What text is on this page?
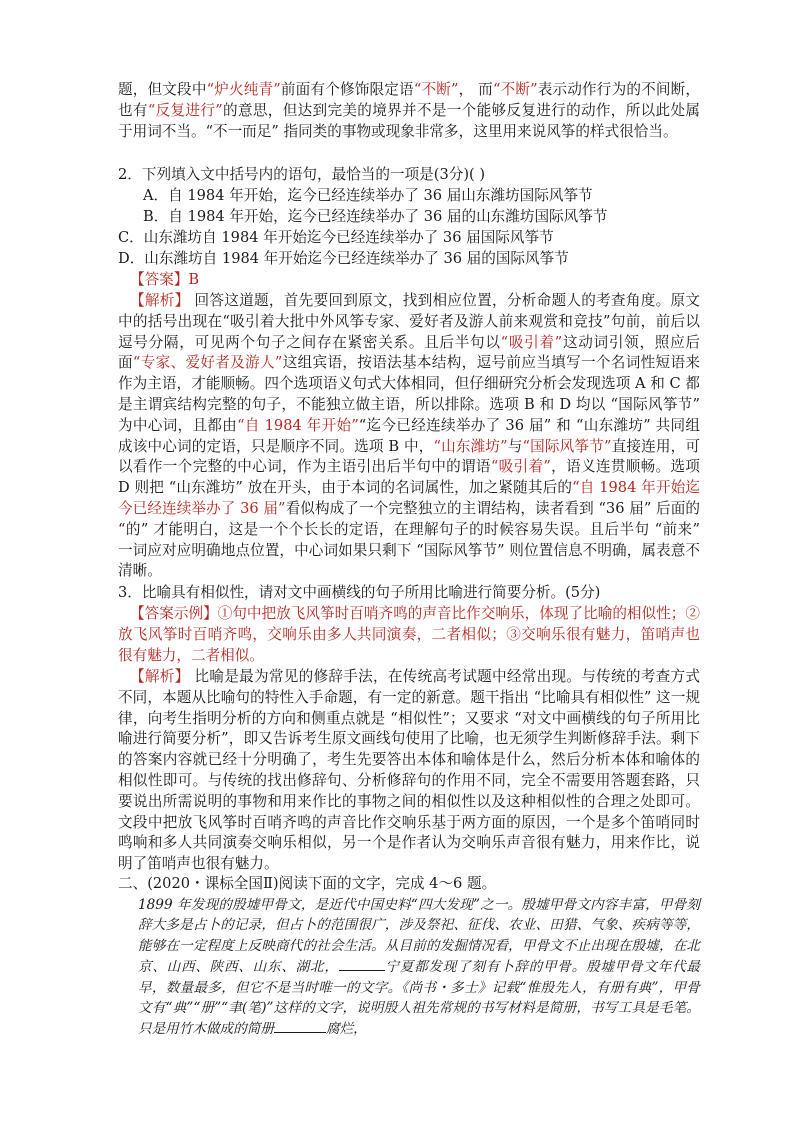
题，但文段中“炉火纯青”前面有个修饰限定语“不断”， 而“不断”表示动作行为的不间断，也有“反复进行”的意思，但达到完美的境界并不是一个能够反复进行的动作，所以此处属于用词不当。“不一而足” 指同类的事物或现象非常多，这里用来说风筝的样式很恰当。

2．下列填入文中括号内的语句，最恰当的一项是(3分)( )

A．自 1984 年开始，迄今已经连续举办了 36 届山东潍坊国际风筝节
B．自 1984 年开始，迄今已经连续举办了 36 届的山东潍坊国际风筝节
C．山东潍坊自 1984 年开始迄今已经连续举办了 36 届国际风筝节
D．山东潍坊自 1984 年开始迄今已经连续举办了 36 届的国际风筝节
【答案】B

【解析】 回答这道题，首先要回到原文，找到相应位置，分析命题人的考查角度。原文中的括号出现在“吸引着大批中外风筝专家、爱好者及游人前来观赏和竞技”句前，前后以逗号分隔，可见两个句子之间存在紧密关系。且后半句以“吸引着”这动词引领，照应后面“专家、爱好者及游人”这组宾语，按语法基本结构，逗号前应当填写一个名词性短语来作为主语，才能顺畅。四个选项语义句式大体相同，但仔细研究分析会发现选项 A 和 C 都是主谓宾结构完整的句子，不能独立做主语，所以排除。选项 B 和 D 均以 “国际风筝节” 为中心词，且都由“自 1984 年开始”“迄今已经连续举办了 36 届” 和 “山东潍坊” 共同组成该中心词的定语，只是顺序不同。选项 B 中，“山东潍坊”与“国际风筝节”直接连用，可以看作一个完整的中心词，作为主语引出后半句中的谓语“吸引着”，语义连贯顺畅。选项 D 则把 “山东潍坊” 放在开头，由于本词的名词属性，加之紧随其后的“自 1984 年开始迄今已经连续举办了 36 届”看似构成了一个完整独立的主谓结构，读者看到 “36 届” 后面的 “的” 才能明白，这是一个个长长的定语，在理解句子的时候容易失误。且后半句 “前来” 一词应对应明确地点位置，中心词如果只剩下 “国际风筝节” 则位置信息不明确，属表意不清晰。

3．比喻具有相似性，请对文中画横线的句子所用比喻进行简要分析。(5分)

【答案示例】①句中把放飞风筝时百哨齐鸣的声音比作交响乐，体现了比喻的相似性；②放飞风筝时百哨齐鸣，交响乐由多人共同演奏，二者相似；③交响乐很有魅力，笛哨声也很有魅力，二者相似。

【解析】 比喻是最为常见的修辞手法，在传统高考试题中经常出现。与传统的考查方式不同，本题从比喻句的特性入手命题，有一定的新意。题干指出 “比喻具有相似性” 这一规律，向考生指明分析的方向和侧重点就是 “相似性”；又要求 “对文中画横线的句子所用比喻进行简要分析”，即又告诉考生原文画线句使用了比喻，也无须学生判断修辞手法。剩下的答案内容就已经十分明确了，考生先要答出本体和喻体是什么，然后分析本体和喻体的相似性即可。与传统的找出修辞句、分析修辞句的作用不同，完全不需要用答题套路，只要说出所需说明的事物和用来作比的事物之间的相似性以及这种相似性的合理之处即可。文段中把放飞风筝时百哨齐鸣的声音比作交响乐基于两方面的原因，一个是多个笛哨同时鸣响和多人共同演奏交响乐相似，另一个是作者认为交响乐声音很有魅力，用来作比，说明了笛哨声也很有魅力。

二、(2020・课标全国Ⅱ)阅读下面的文字，完成 4～6 题。

1899 年发现的殷墟甲骨文，是近代中国史料“四大发现”之一。殷墟甲骨文内容丰富，甲骨刻辞大多是占卜的记录，但占卜的范围很广，涉及祭祀、征伐、农业、田猎、气象、疾病等等，能够在一定程度上反映商代的社会生活。从目前的发掘情况看，甲骨文不止出现在殷墟，在北京、山西、陕西、山东、湖北，	宁夏都发现了刻有卜辞的甲骨。殷墟甲骨文年代最早，数量最多，但它不是当时唯一的文字。《尚书・多士》记载“惟殷先人，有册有典”，甲骨文有“典”“册”“聿(笔)”这样的文字，说明殷人祖先常规的书写材料是简册，书写工具是毛笔。只是用竹木做成的简册	腐烂，
